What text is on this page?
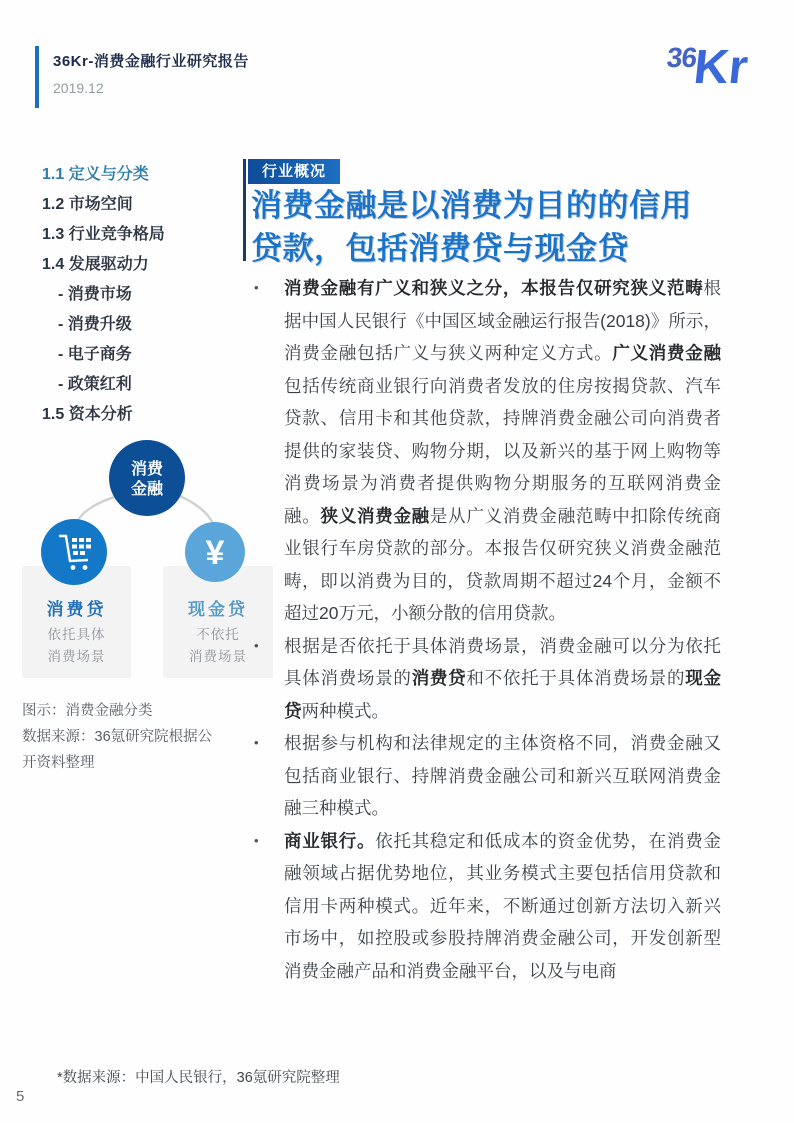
36Kr-消费金融行业研究报告
2019.12
36Kr
1.1 定义与分类
1.2 市场空间
1.3 行业竞争格局
1.4 发展驱动力
- 消费市场
- 消费升级
- 电子商务
- 政策红利
1.5 资本分析
消费
金融
¥
消费贷
依托具体
消费场景
现金贷
不依托
消费场景
图示：消费金融分类
数据来源：36氪研究院根据公开资料整理
行业概况
消费金融是以消费为目的的信用贷款，包括消费贷与现金贷
•	消费金融有广义和狭义之分，本报告仅研究狭义范畴根据中国人民银行《中国区域金融运行报告(2018)》所示，消费金融包括广义与狭义两种定义方式。广义消费金融包括传统商业银行向消费者发放的住房按揭贷款、汽车贷款、信用卡和其他贷款，持牌消费金融公司向消费者提供的家装贷、购物分期，以及新兴的基于网上购物等消费场景为消费者提供购物分期服务的互联网消费金融。狭义消费金融是从广义消费金融范畴中扣除传统商业银行车房贷款的部分。本报告仅研究狭义消费金融范畴，即以消费为目的，贷款周期不超过24个月，金额不超过20万元，小额分散的信用贷款。

•	根据是否依托于具体消费场景，消费金融可以分为依托具体消费场景的消费贷和不依托于具体消费场景的现金贷两种模式。

•	根据参与机构和法律规定的主体资格不同，消费金融又包括商业银行、持牌消费金融公司和新兴互联网消费金融三种模式。

•	商业银行。依托其稳定和低成本的资金优势，在消费金融领域占据优势地位，其业务模式主要包括信用贷款和信用卡两种模式。近年来，不断通过创新方法切入新兴市场中，如控股或参股持牌消费金融公司，开发创新型消费金融产品和消费金融平台，以及与电商

*数据来源：中国人民银行，36氪研究院整理
5
